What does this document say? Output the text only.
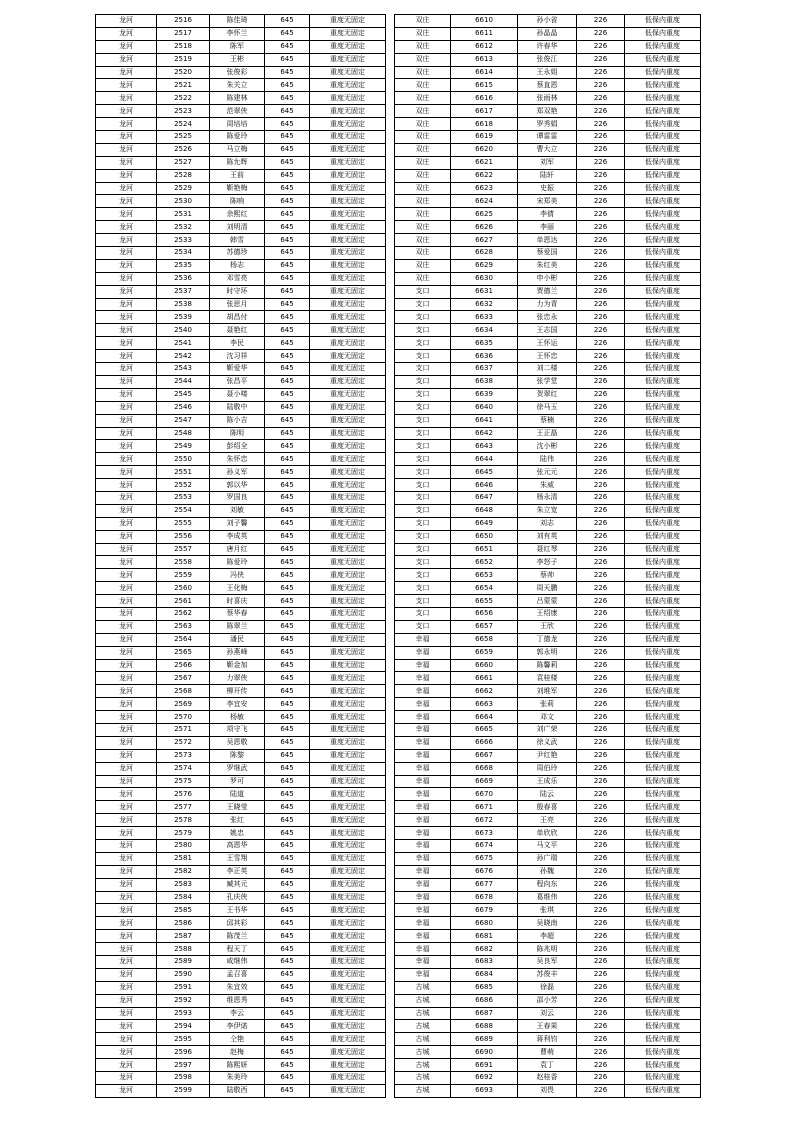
龙河	2516	陈佳琦	645	重度无固定
龙河	2517	李怀兰	645	重度无固定
龙河	2518	陈军	645	重度无固定
龙河	2519	王彬	645	重度无固定
龙河	2520	张俊彩	645	重度无固定
龙河	2521	朱关立	645	重度无固定
龙河	2522	陈建林	645	重度无固定
龙河	2523	范翠侠	645	重度无固定
龙河	2524	周培培	645	重度无固定
龙河	2525	陈爱玲	645	重度无固定
龙河	2526	马立梅	645	重度无固定
龙河	2527	陈允辉	645	重度无固定
龙河	2528	王前	645	重度无固定
龙河	2529	靳艳梅	645	重度无固定
龙河	2530	陈响	645	重度无固定
龙河	2531	余熙红	645	重度无固定
龙河	2532	刘明清	645	重度无固定
龙河	2533	韩雪	645	重度无固定
龙河	2534	苏德珍	645	重度无固定
龙河	2535	杨志	645	重度无固定
龙河	2536	邓雪亮	645	重度无固定
龙河	2537	时守环	645	重度无固定
龙河	2538	张思月	645	重度无固定
龙河	2539	胡昌付	645	重度无固定
龙河	2540	聂艳红	645	重度无固定
龙河	2541	李民	645	重度无固定
龙河	2542	沈习祥	645	重度无固定
龙河	2543	靳爱华	645	重度无固定
龙河	2544	张昌平	645	重度无固定
龙河	2545	聂小喽	645	重度无固定
龙河	2546	陆敬中	645	重度无固定
龙河	2547	陈小吉	645	重度无固定
龙河	2548	陈明	645	重度无固定
龙河	2549	彭绍全	645	重度无固定
龙河	2550	朱怀忠	645	重度无固定
龙河	2551	孙义军	645	重度无固定
龙河	2552	郭以华	645	重度无固定
龙河	2553	罗国良	645	重度无固定
龙河	2554	刘敏	645	重度无固定
龙河	2555	刘子馨	645	重度无固定
龙河	2556	李成英	645	重度无固定
龙河	2557	唐月红	645	重度无固定
龙河	2558	陈爱玲	645	重度无固定
龙河	2559	冯侠	645	重度无固定
龙河	2560	王化梅	645	重度无固定
龙河	2561	时喜庆	645	重度无固定
龙河	2562	蔡华春	645	重度无固定
龙河	2563	陈翠兰	645	重度无固定
龙河	2564	潘民	645	重度无固定
龙河	2565	孙燕峰	645	重度无固定
龙河	2566	靳金加	645	重度无固定
龙河	2567	力翠侠	645	重度无固定
龙河	2568	柳开传	645	重度无固定
龙河	2569	李宜安	645	重度无固定
龙河	2570	杨敏	645	重度无固定
龙河	2571	项守飞	645	重度无固定
龙河	2572	吴恩敬	645	重度无固定
龙河	2573	陈黎	645	重度无固定
龙河	2574	罗继武	645	重度无固定
龙河	2575	罗可	645	重度无固定
龙河	2576	陆道	645	重度无固定
龙河	2577	王晓莹	645	重度无固定
龙河	2578	张红	645	重度无固定
龙河	2579	姚忠	645	重度无固定
龙河	2580	高恩华	645	重度无固定
龙河	2581	王雪翔	645	重度无固定
龙河	2582	李正英	645	重度无固定
龙河	2583	臧其元	645	重度无固定
龙河	2584	孔庆侠	645	重度无固定
龙河	2585	王书华	645	重度无固定
龙河	2586	邱其彩	645	重度无固定
龙河	2587	陈茂兰	645	重度无固定
龙河	2588	程天丁	645	重度无固定
龙河	2589	咸继伟	645	重度无固定
龙河	2590	孟召喜	645	重度无固定
龙河	2591	朱宜效	645	重度无固定
龙河	2592	维恩秀	645	重度无固定
龙河	2593	李云	645	重度无固定
龙河	2594	李伊诺	645	重度无固定
龙河	2595	仝艳	645	重度无固定
龙河	2596	赵梅	645	重度无固定
龙河	2597	陈熙妍	645	重度无固定
龙河	2598	朱美玲	645	重度无固定
龙河	2599	陆敬西	645	重度无固定
双庄	6610	孙小省	226	低保内重度
双庄	6611	孙晶晶	226	低保内重度
双庄	6612	许春华	226	低保内重度
双庄	6613	张俊江	226	低保内重度
双庄	6614	王永姐	226	低保内重度
双庄	6615	蔡直恩	226	低保内重度
双庄	6616	张雨林	226	低保内重度
双庄	6617	郑双艳	226	低保内重度
双庄	6618	罗秀娟	226	低保内重度
双庄	6619	谭雷雷	226	低保内重度
双庄	6620	曹大立	226	低保内重度
双庄	6621	刘军	226	低保内重度
双庄	6622	陆轩	226	低保内重度
双庄	6623	史振	226	低保内重度
双庄	6624	宋郑美	226	低保内重度
双庄	6625	李倩	226	低保内重度
双庄	6626	李丽	226	低保内重度
双庄	6627	单恩达	226	低保内重度
双庄	6628	蔡爱国	226	低保内重度
双庄	6629	朱红美	226	低保内重度
双庄	6630	申小彬	226	低保内重度
支口	6631	贾德兰	226	低保内重度
支口	6632	力为青	226	低保内重度
支口	6633	张忠永	226	低保内重度
支口	6634	王志国	226	低保内重度
支口	6635	王怀运	226	低保内重度
支口	6636	王怀忠	226	低保内重度
支口	6637	刘二楼	226	低保内重度
支口	6638	张学堂	226	低保内重度
支口	6639	贺翠红	226	低保内重度
支口	6640	徐马玉	226	低保内重度
支口	6641	蔡楠	226	低保内重度
支口	6642	王正磊	226	低保内重度
支口	6643	沈小彬	226	低保内重度
支口	6644	陆伟	226	低保内重度
支口	6645	张元元	226	低保内重度
支口	6646	朱威	226	低保内重度
支口	6647	杨永清	226	低保内重度
支口	6648	朱立宽	226	低保内重度
支口	6649	刘志	226	低保内重度
支口	6650	刘有英	226	低保内重度
支口	6651	聂红琴	226	低保内重度
支口	6652	李怒子	226	低保内重度
支口	6653	蔡帅	226	低保内重度
支口	6654	周天鹏	226	低保内重度
支口	6655	吕蒙蒙	226	低保内重度
支口	6656	王绍康	226	低保内重度
支口	6657	王欣	226	低保内重度
幸福	6658	丁德龙	226	低保内重度
幸福	6659	郭永明	226	低保内重度
幸福	6660	陈馨莉	226	低保内重度
幸福	6661	袁桂楼	226	低保内重度
幸福	6662	刘堆军	226	低保内重度
幸福	6663	张莉	226	低保内重度
幸福	6664	邓文	226	低保内重度
幸福	6665	刘广荣	226	低保内重度
幸福	6666	徐义武	226	低保内重度
幸福	6667	尹红艳	226	低保内重度
幸福	6668	周伯玲	226	低保内重度
幸福	6669	王成乐	226	低保内重度
幸福	6670	陆云	226	低保内重度
幸福	6671	殷春喜	226	低保内重度
幸福	6672	王亮	226	低保内重度
幸福	6673	单欣欣	226	低保内重度
幸福	6674	马文平	226	低保内重度
幸福	6675	孙广瑞	226	低保内重度
幸福	6676	孙魏	226	低保内重度
幸福	6677	程向东	226	低保内重度
幸福	6678	葛维伟	226	低保内重度
幸福	6679	张琪	226	低保内重度
幸福	6680	吴晓南	226	低保内重度
幸福	6681	李超	226	低保内重度
幸福	6682	陈兆明	226	低保内重度
幸福	6683	吴良军	226	低保内重度
幸福	6684	苏俊丰	226	低保内重度
古城	6685	徐磊	226	低保内重度
古城	6686	邵小芳	226	低保内重度
古城	6687	刘云	226	低保内重度
古城	6688	王春果	226	低保内重度
古城	6689	蒋利钧	226	低保内重度
古城	6690	曹萌	226	低保内重度
古城	6691	袁丁	226	低保内重度
古城	6692	赵桂香	226	低保内重度
古城	6693	刘畏	226	低保内重度
